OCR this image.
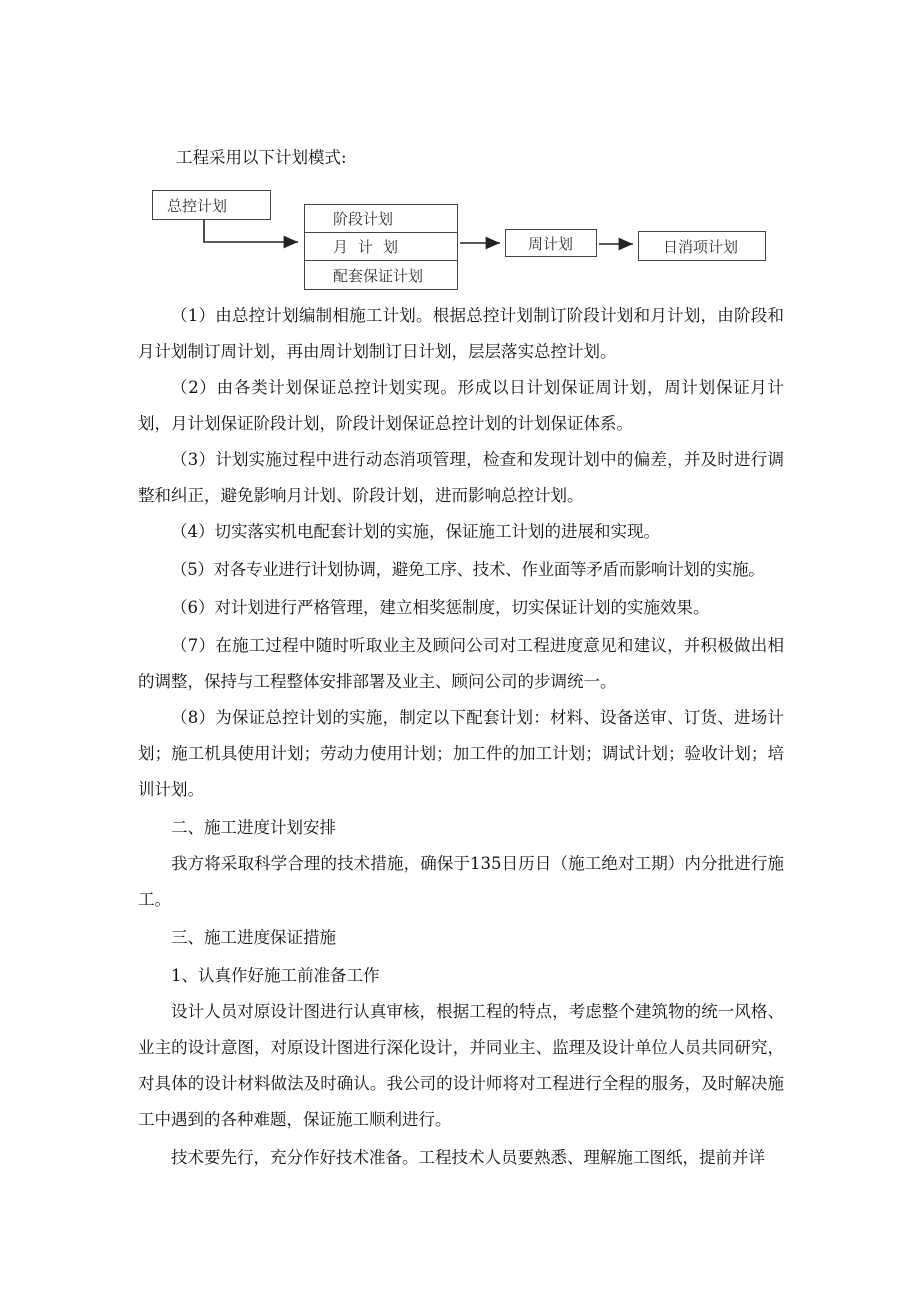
工程采用以下计划模式:
总控计划
阶段计划
月计划
配套保证计划
周计划	日消项计划
（1）由总控计划编制相施工计划。根据总控计划制订阶段计划和月计划，由阶段和月计划制订周计划，再由周计划制订日计划，层层落实总控计划。
（2）由各类计划保证总控计划实现。形成以日计划保证周计划，周计划保证月计划，月计划保证阶段计划，阶段计划保证总控计划的计划保证体系。
（3）计划实施过程中进行动态消项管理，检查和发现计划中的偏差，并及时进行调整和纠正，避免影响月计划、阶段计划，进而影响总控计划。
（4）切实落实机电配套计划的实施，保证施工计划的进展和实现。
（5）对各专业进行计划协调，避免工序、技术、作业面等矛盾而影响计划的实施。
（6）对计划进行严格管理，建立相奖惩制度，切实保证计划的实施效果。
（7）在施工过程中随时听取业主及顾问公司对工程进度意见和建议，并积极做出相的调整，保持与工程整体安排部署及业主、顾问公司的步调统一。
（8）为保证总控计划的实施，制定以下配套计划：材料、设备送审、订货、进场计划；施工机具使用计划；劳动力使用计划；加工件的加工计划；调试计划；验收计划；培训计划。
二、施工进度计划安排
我方将采取科学合理的技术措施，确保于135日历日（施工绝对工期）内分批进行施工。
三、施工进度保证措施
1、认真作好施工前准备工作
设计人员对原设计图进行认真审核，根据工程的特点，考虑整个建筑物的统一风格、业主的设计意图，对原设计图进行深化设计，并同业主、监理及设计单位人员共同研究，对具体的设计材料做法及时确认。我公司的设计师将对工程进行全程的服务，及时解决施工中遇到的各种难题，保证施工顺利进行。
技术要先行，充分作好技术准备。工程技术人员要熟悉、理解施工图纸，提前并详
